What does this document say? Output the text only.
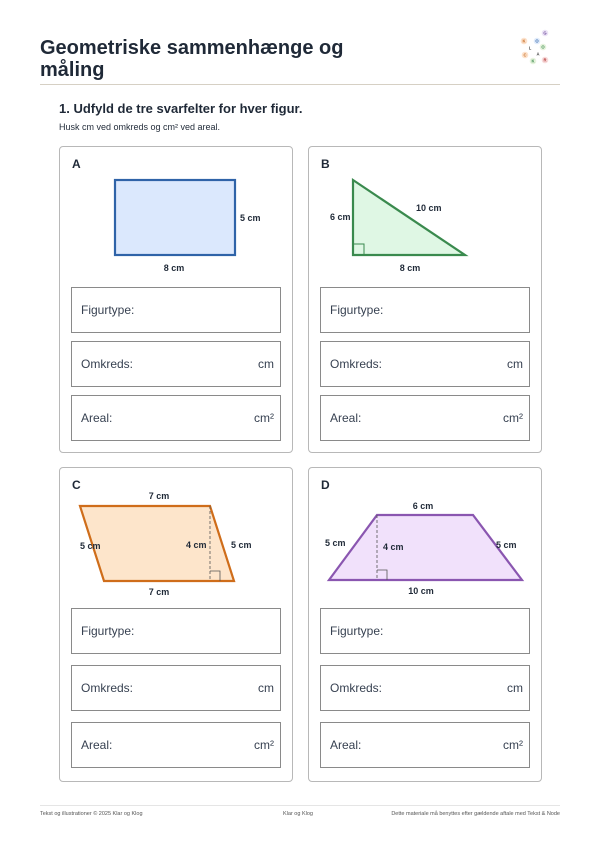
Geometriske sammenhænge og måling
G
K O
L O
C A
K R
1. Udfyld de tre svarfelter for hver figur.
Husk cm ved omkreds og cm² ved areal.
A
5 cm
8 cm
Figurtype:
Omkreds:	cm
Areal:	cm²
B
6 cm
10 cm
8 cm
Figurtype:
Omkreds:	cm
Areal:	cm²
C
7 cm
7 cm
5 cm	5 cm
4 cm
Figurtype:
Omkreds:	cm
Areal:	cm²
D
6 cm
10 cm
5 cm	5 cm
4 cm
Figurtype:
Omkreds:	cm
Areal:	cm²
Tekst og illustrationer © 2025 Klar og Klog	Klar og Klog	Dette materiale må benyttes efter gældende aftale med Tekst & Node
